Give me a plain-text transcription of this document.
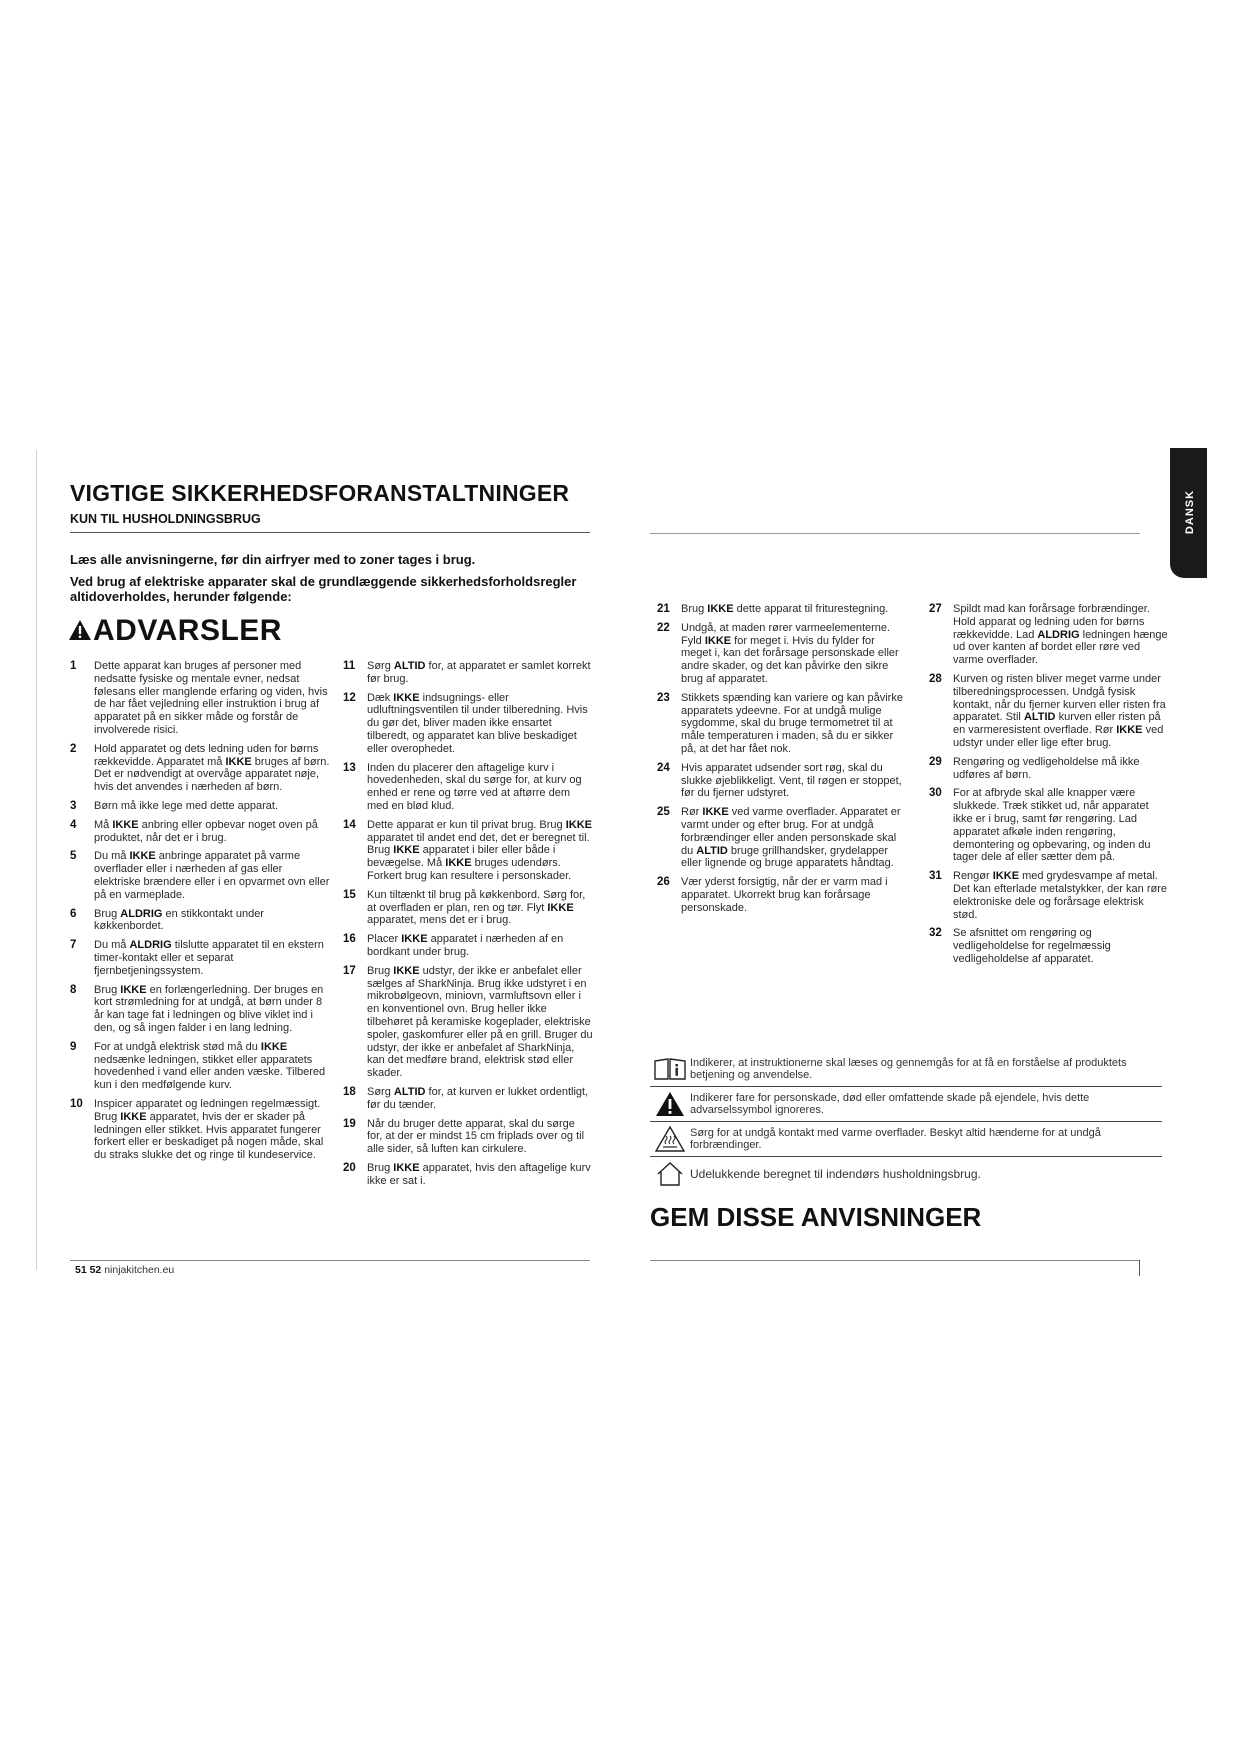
VIGTIGE SIKKERHEDSFORANSTALTNINGER
KUN TIL HUSHOLDNINGSBRUG
Læs alle anvisningerne, før din airfryer med to zoner tages i brug.
Ved brug af elektriske apparater skal de grundlæggende sikkerhedsforholdsregler altidoverholdes, herunder følgende:
ADVARSLER
1	Dette apparat kan bruges af personer med nedsatte fysiske og mentale evner, nedsat følesans eller manglende erfaring og viden, hvis de har fået vejledning eller instruktion i brug af apparatet på en sikker måde og forstår de involverede risici.
2	Hold apparatet og dets ledning uden for børns rækkevidde. Apparatet må IKKE bruges af børn. Det er nødvendigt at overvåge apparatet nøje, hvis det anvendes i nærheden af børn.
3	Børn må ikke lege med dette apparat.
4	Må IKKE anbring eller opbevar noget oven på produktet, når det er i brug.
5	Du må IKKE anbringe apparatet på varme overflader eller i nærheden af gas eller elektriske brændere eller i en opvarmet ovn eller på en varmeplade.
6	Brug ALDRIG en stikkontakt under køkkenbordet.
7	Du må ALDRIG tilslutte apparatet til en ekstern timer-kontakt eller et separat fjernbetjeningssystem.
8	Brug IKKE en forlængerledning. Der bruges en kort strømledning for at undgå, at børn under 8 år kan tage fat i ledningen og blive viklet ind i den, og så ingen falder i en lang ledning.
9	For at undgå elektrisk stød må du IKKE nedsænke ledningen, stikket eller apparatets hovedenhed i vand eller anden væske. Tilbered kun i den medfølgende kurv.
10	Inspicer apparatet og ledningen regelmæssigt. Brug IKKE apparatet, hvis der er skader på ledningen eller stikket. Hvis apparatet fungerer forkert eller er beskadiget på nogen måde, skal du straks slukke det og ringe til kundeservice.
11	Sørg ALTID for, at apparatet er samlet korrekt før brug.
12	Dæk IKKE indsugnings- eller udluftningsventilen til under tilberedning. Hvis du gør det, bliver maden ikke ensartet tilberedt, og apparatet kan blive beskadiget eller overophedet.
13	Inden du placerer den aftagelige kurv i hovedenheden, skal du sørge for, at kurv og enhed er rene og tørre ved at aftørre dem med en blød klud.
14	Dette apparat er kun til privat brug. Brug IKKE apparatet til andet end det, det er beregnet til. Brug IKKE apparatet i biler eller både i bevægelse. Må IKKE bruges udendørs. Forkert brug kan resultere i personskader.
15	Kun tiltænkt til brug på køkkenbord. Sørg for, at overfladen er plan, ren og tør. Flyt IKKE apparatet, mens det er i brug.
16	Placer IKKE apparatet i nærheden af en bordkant under brug.
17	Brug IKKE udstyr, der ikke er anbefalet eller sælges af SharkNinja. Brug ikke udstyret i en mikrobølgeovn, miniovn, varmluftsovn eller i en konventionel ovn. Brug heller ikke tilbehøret på keramiske kogeplader, elektriske spoler, gaskomfurer eller på en grill. Bruger du udstyr, der ikke er anbefalet af SharkNinja, kan det medføre brand, elektrisk stød eller skader.
18	Sørg ALTID for, at kurven er lukket ordentligt, før du tænder.
19	Når du bruger dette apparat, skal du sørge for, at der er mindst 15 cm friplads over og til alle sider, så luften kan cirkulere.
20	Brug IKKE apparatet, hvis den aftagelige kurv ikke er sat i.
21	Brug IKKE dette apparat til friturestegning.
22	Undgå, at maden rører varmeelementerne. Fyld IKKE for meget i. Hvis du fylder for meget i, kan det forårsage personskade eller andre skader, og det kan påvirke den sikre brug af apparatet.
23	Stikkets spænding kan variere og kan påvirke apparatets ydeevne. For at undgå mulige sygdomme, skal du bruge termometret til at måle temperaturen i maden, så du er sikker på, at det har fået nok.
24	Hvis apparatet udsender sort røg, skal du slukke øjeblikkeligt. Vent, til røgen er stoppet, før du fjerner udstyret.
25	Rør IKKE ved varme overflader. Apparatet er varmt under og efter brug. For at undgå forbrændinger eller anden personskade skal du ALTID bruge grillhandsker, grydelapper eller lignende og bruge apparatets håndtag.
26	Vær yderst forsigtig, når der er varm mad i apparatet. Ukorrekt brug kan forårsage personskade.
27	Spildt mad kan forårsage forbrændinger. Hold apparat og ledning uden for børns rækkevidde. Lad ALDRIG ledningen hænge ud over kanten af bordet eller røre ved varme overflader.
28	Kurven og risten bliver meget varme under tilberedningsprocessen. Undgå fysisk kontakt, når du fjerner kurven eller risten fra apparatet. Stil ALTID kurven eller risten på en varmeresistent overflade. Rør IKKE ved udstyr under eller lige efter brug.
29	Rengøring og vedligeholdelse må ikke udføres af børn.
30	For at afbryde skal alle knapper være slukkede. Træk stikket ud, når apparatet ikke er i brug, samt før rengøring. Lad apparatet afkøle inden rengøring, demontering og opbevaring, og inden du tager dele af eller sætter dem på.
31	Rengør IKKE med grydesvampe af metal. Det kan efterlade metalstykker, der kan røre elektroniske dele og forårsage elektrisk stød.
32	Se afsnittet om rengøring og vedligeholdelse for regelmæssig vedligeholdelse af apparatet.
DANSK
Indikerer, at instruktionerne skal læses og gennemgås for at få en forståelse af produktets betjening og anvendelse.
Indikerer fare for personskade, død eller omfattende skade på ejendele, hvis dette advarselssymbol ignoreres.
Sørg for at undgå kontakt med varme overflader. Beskyt altid hænderne for at undgå forbrændinger.
Udelukkende beregnet til indendørs husholdningsbrug.
GEM DISSE ANVISNINGER
51 52 ninjakitchen.eu
